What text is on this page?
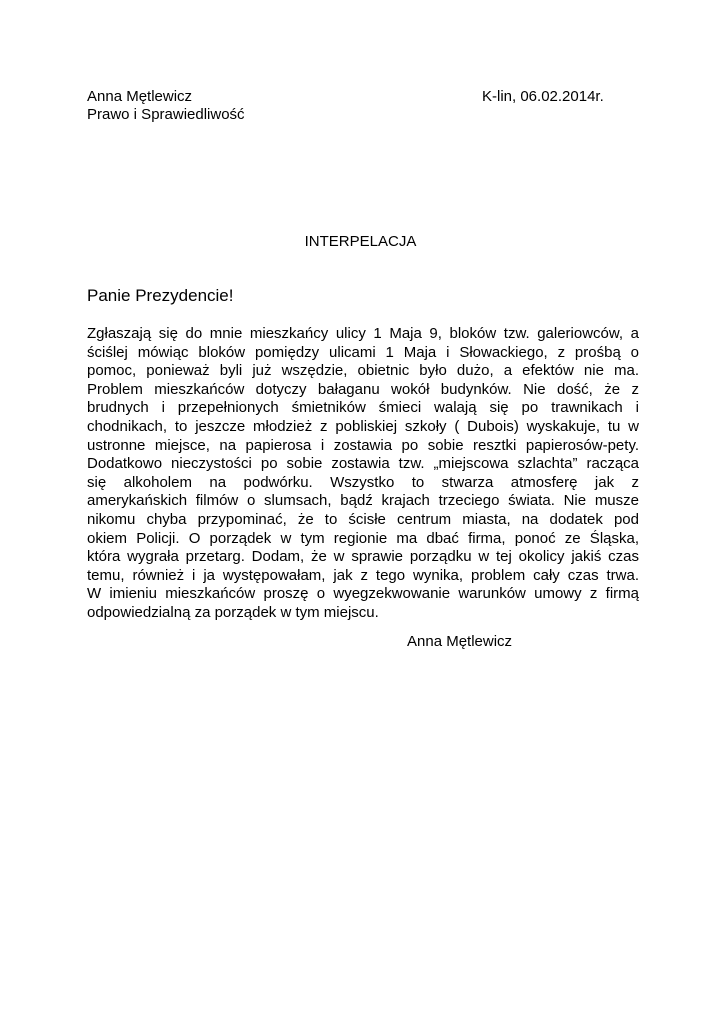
Anna Mętlewicz
Prawo i Sprawiedliwość
K-lin, 06.02.2014r.
INTERPELACJA
Panie Prezydencie!
Zgłaszają się do mnie mieszkańcy ulicy 1 Maja 9, bloków tzw. galeriowców, a
ściślej mówiąc bloków pomiędzy ulicami 1 Maja i Słowackiego, z prośbą o
pomoc, ponieważ byli już wszędzie, obietnic było dużo, a efektów nie ma.
Problem mieszkańców dotyczy bałaganu wokół budynków. Nie dość, że z
brudnych i przepełnionych śmietników śmieci walają się po trawnikach i
chodnikach, to jeszcze młodzież z pobliskiej szkoły ( Dubois) wyskakuje, tu w
ustronne miejsce, na papierosa i zostawia po sobie resztki papierosów-pety.
Dodatkowo nieczystości po sobie zostawia tzw. „miejscowa szlachta” racząca
się alkoholem na podwórku. Wszystko to stwarza atmosferę jak z
amerykańskich filmów o slumsach, bądź krajach trzeciego świata. Nie musze
nikomu chyba przypominać, że to ścisłe centrum miasta, na dodatek pod
okiem Policji. O porządek w tym regionie ma dbać firma, ponoć ze Śląska,
która wygrała przetarg. Dodam, że w sprawie porządku w tej okolicy jakiś czas
temu, również i ja występowałam, jak z tego wynika, problem cały czas trwa.
W imieniu mieszkańców proszę o wyegzekwowanie warunków umowy z firmą
odpowiedzialną za porządek w tym miejscu.
Anna Mętlewicz
